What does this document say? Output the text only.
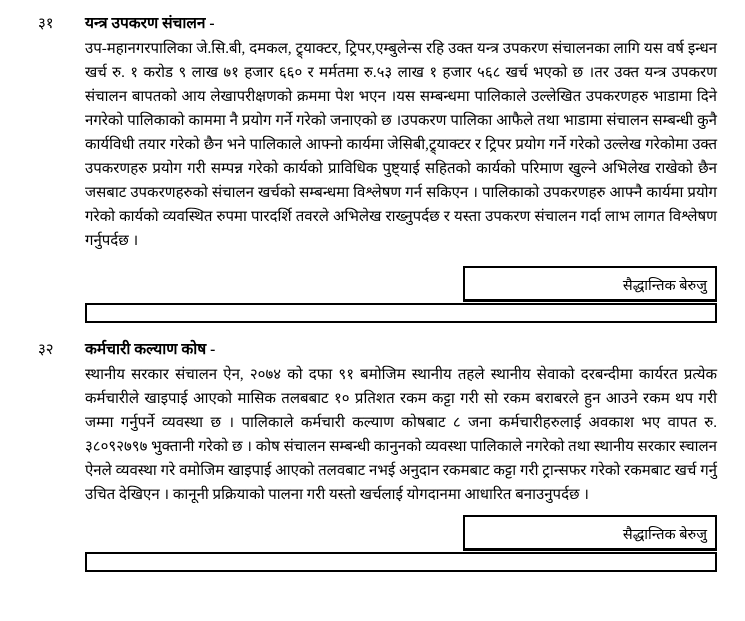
३१	यन्त्र उपकरण संचालन -
उप-महानगरपालिका जे.सि.बी, दमकल, ट्र्याक्टर, ट्रिपर,एम्बुलेन्स रहि उक्त यन्त्र उपकरण संचालनका लागि यस वर्ष इन्धन खर्च रु. १ करोड ९ लाख ७१ हजार ६६० र मर्मतमा रु.५३ लाख १ हजार ५६८ खर्च भएको छ ।तर उक्त यन्त्र उपकरण संचालन बापतको आय लेखापरीक्षणको क्रममा पेश भएन ।यस सम्बन्धमा पालिकाले उल्लेखित उपकरणहरु भाडामा दिने नगरेको पालिकाको काममा नै प्रयोग गर्ने गरेको जनाएको छ ।उपकरण पालिका आफैले तथा भाडामा संचालन सम्बन्धी कुनै कार्यविधी तयार गरेको छैन भने पालिकाले आफ्नो कार्यमा जेसिबी,ट्र्याक्टर र ट्रिपर प्रयोग गर्ने गरेको उल्लेख गरेकोमा उक्त उपकरणहरु प्रयोग गरी सम्पन्न गरेको कार्यको प्राविधिक पुष्ट्याई सहितको कार्यको परिमाण खुल्ने अभिलेख राखेको छैन जसबाट उपकरणहरुको संचालन खर्चको सम्बन्धमा विश्लेषण गर्न सकिएन । पालिकाको उपकरणहरु आफ्नै कार्यमा प्रयोग गरेको कार्यको व्यवस्थित रुपमा पारदर्शि तवरले अभिलेख राख्नुपर्दछ र यस्ता उपकरण संचालन गर्दा लाभ लागत विश्लेषण गर्नुपर्दछ ।
सैद्धान्तिक बेरुजु
३२	कर्मचारी कल्याण कोष -
स्थानीय सरकार संचालन ऐन, २०७४ को दफा ९१ बमोजिम स्थानीय तहले स्थानीय सेवाको दरबन्दीमा कार्यरत प्रत्येक कर्मचारीले खाइपाई आएको मासिक तलबबाट १० प्रतिशत रकम कट्टा गरी सो रकम बराबरले हुन आउने रकम थप गरी जम्मा गर्नुपर्ने व्यवस्था छ । पालिकाले कर्मचारी कल्याण कोषबाट ८ जना कर्मचारीहरुलाई अवकाश भए वापत रु. ३८०९२७९७ भुक्तानी गरेको छ । कोष संचालन सम्बन्धी कानुनको व्यवस्था पालिकाले नगरेको तथा स्थानीय सरकार स्चालन ऐनले व्यवस्था गरे वमोजिम खाइपाई आएको तलवबाट नभई अनुदान रकमबाट कट्टा गरी ट्रान्सफर गरेको रकमबाट खर्च गर्नु उचित देखिएन । कानूनी प्रक्रियाको पालना गरी यस्तो खर्चलाई योगदानमा आधारित बनाउनुपर्दछ ।
सैद्धान्तिक बेरुजु
